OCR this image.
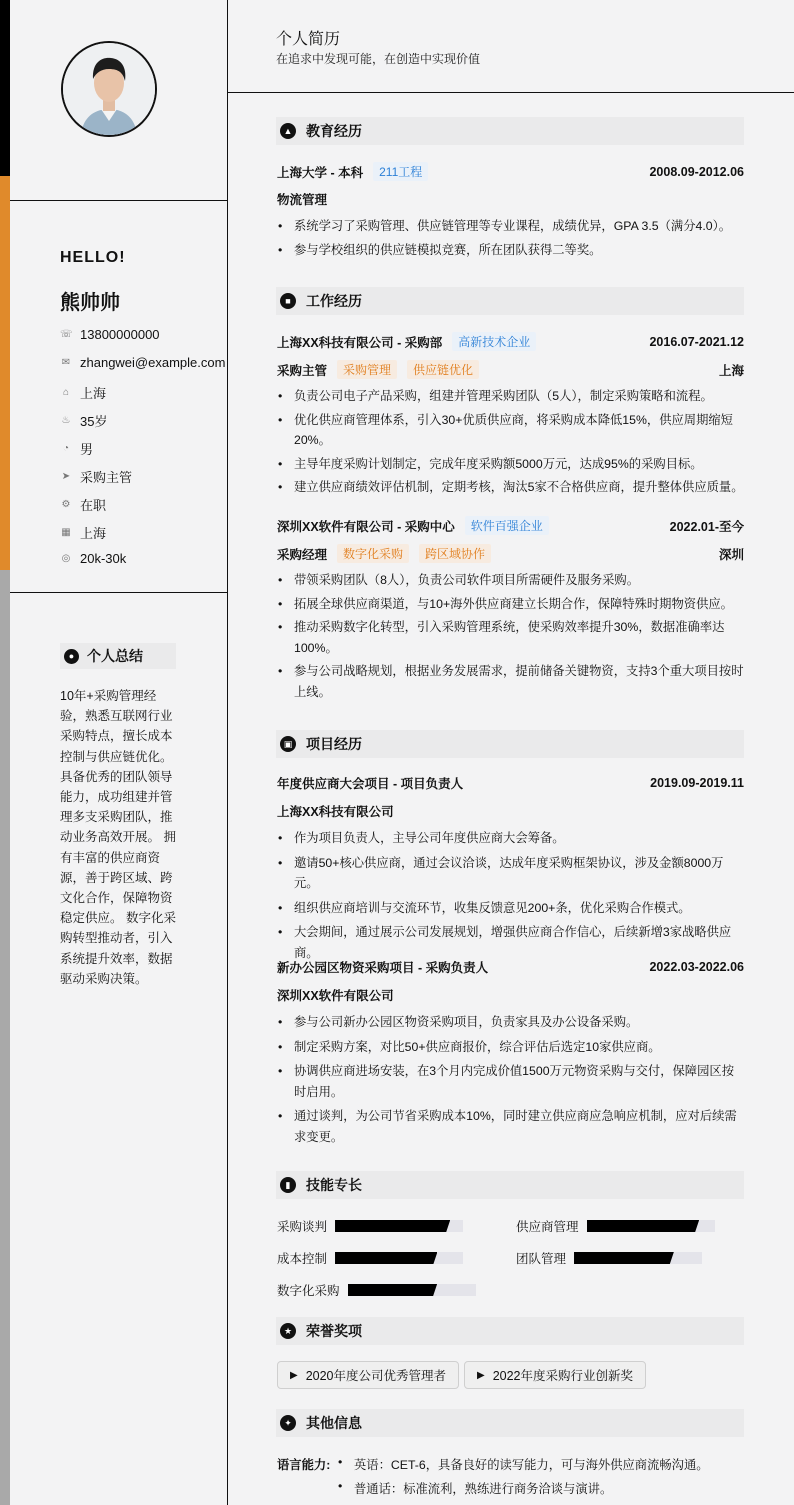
HELLO!
熊帅帅
☏ 13800000000
✉ zhangwei@example.com
⌂ 上海
♨ 35岁
◔ 男
➤ 采购主管
⚙ 在职
▦ 上海
◎ 20k-30k
● 个人总结
10年+采购管理经验，熟悉互联网行业采购特点，擅长成本控制与供应链优化。 具备优秀的团队领导能力，成功组建并管理多支采购团队，推动业务高效开展。 拥有丰富的供应商资源，善于跨区域、跨文化合作，保障物资稳定供应。 数字化采购转型推动者，引入系统提升效率，数据驱动采购决策。
个人简历
在追求中发现可能，在创造中实现价值
▲ 教育经历
上海大学 - 本科	211工程	2008.09-2012.06
物流管理
• 系统学习了采购管理、供应链管理等专业课程，成绩优异，GPA 3.5（满分4.0）。
• 参与学校组织的供应链模拟竞赛，所在团队获得二等奖。
■	工作经历
上海XX科技有限公司 - 采购部	高新技术企业	2016.07-2021.12
采购主管	采购管理	供应链优化	上海
• 负责公司电子产品采购，组建并管理采购团队（5人），制定采购策略和流程。
• 优化供应商管理体系，引入30+优质供应商，将采购成本降低15%，供应周期缩短20%。
• 主导年度采购计划制定，完成年度采购额5000万元，达成95%的采购目标。
• 建立供应商绩效评估机制，定期考核，淘汰5家不合格供应商，提升整体供应质量。
深圳XX软件有限公司 - 采购中心	软件百强企业	2022.01-至今
采购经理	数字化采购	跨区域协作	深圳
• 带领采购团队（8人），负责公司软件项目所需硬件及服务采购。
• 拓展全球供应商渠道，与10+海外供应商建立长期合作，保障特殊时期物资供应。
• 推动采购数字化转型，引入采购管理系统，使采购效率提升30%，数据准确率达100%。
• 参与公司战略规划，根据业务发展需求，提前储备关键物资，支持3个重大项目按时上线。
▣ 项目经历
年度供应商大会项目 - 项目负责人	2019.09-2019.11
上海XX科技有限公司
• 作为项目负责人，主导公司年度供应商大会筹备。
• 邀请50+核心供应商，通过会议洽谈，达成年度采购框架协议，涉及金额8000万元。
• 组织供应商培训与交流环节，收集反馈意见200+条，优化采购合作模式。
• 大会期间，通过展示公司发展规划，增强供应商合作信心，后续新增3家战略供应商。
新办公园区物资采购项目 - 采购负责人	2022.03-2022.06
深圳XX软件有限公司
• 参与公司新办公园区物资采购项目，负责家具及办公设备采购。
• 制定采购方案，对比50+供应商报价，综合评估后选定10家供应商。
• 协调供应商进场安装，在3个月内完成价值1500万元物资采购与交付，保障园区按时启用。
• 通过谈判，为公司节省采购成本10%，同时建立供应商应急响应机制，应对后续需求变更。
▮	技能专长
采购谈判	供应商管理
成本控制	团队管理
数字化采购
★ 荣誉奖项
▶ 2020年度公司优秀管理者	▶ 2022年度采购行业创新奖
✦	其他信息
语言能力:
•	英语：CET-6，具备良好的读写能力，可与海外供应商流畅沟通。
• 普通话：标准流利，熟练进行商务洽谈与演讲。
